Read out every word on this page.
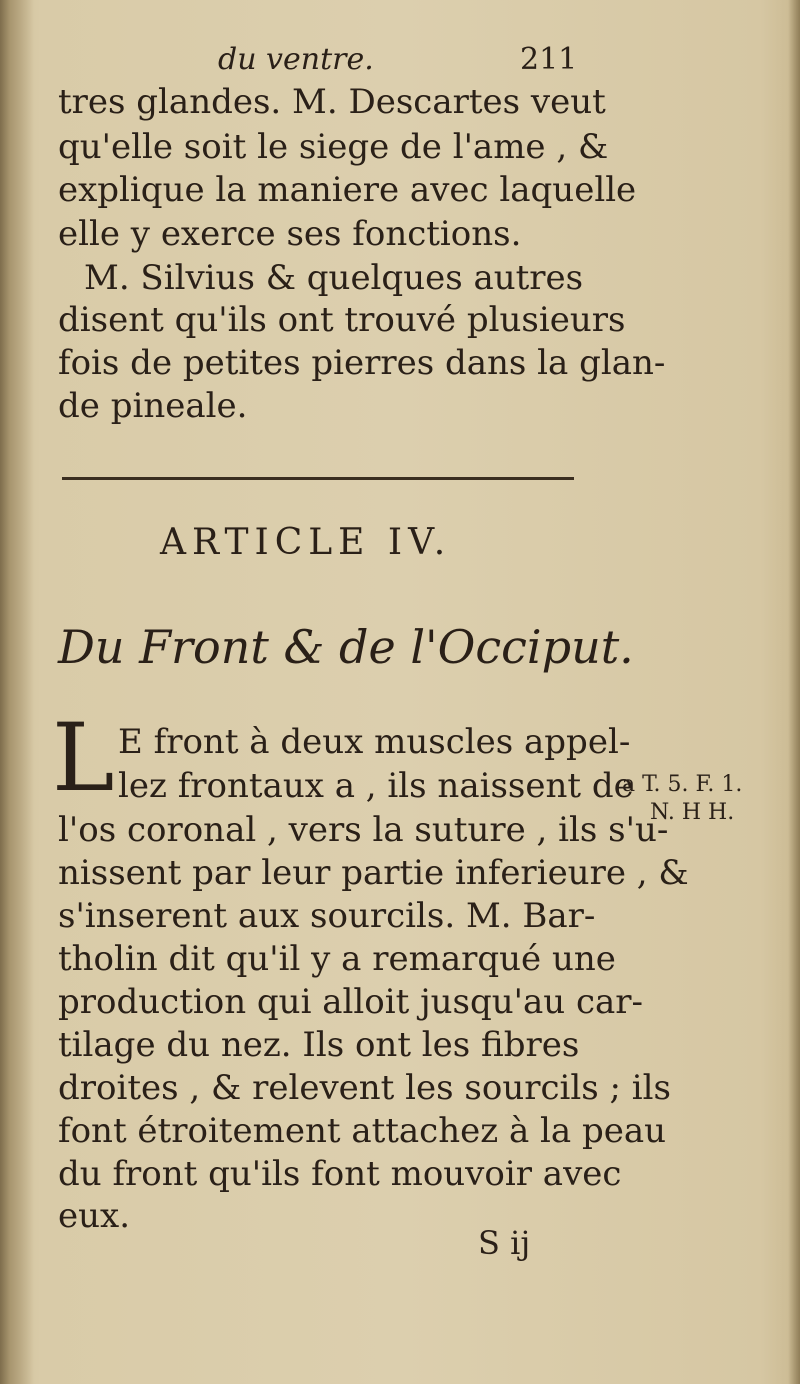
du ventre.	211
tres glandes. M. Descartes veut
qu'elle soit le siege de l'ame , &
explique la maniere avec laquelle
elle y exerce ses fonctions.
M. Silvius & quelques autres
disent qu'ils ont trouvé plusieurs
fois de petites pierres dans la glan-
de pineale.
ARTICLE IV.
Du Front & de l'Occiput.
L E front à deux muscles appel-
lez frontaux a , ils naissent de
l'os coronal , vers la suture , ils s'u-
nissent par leur partie inferieure , &
s'inserent aux sourcils. M. Bar-
tholin dit qu'il y a remarqué une
production qui alloit jusqu'au car-
tilage du nez. Ils ont les fibres
droites , & relevent les sourcils ; ils
font étroitement attachez à la peau
du front qu'ils font mouvoir avec
eux.
a T. 5. F. 1.
N. H H.
S ij
